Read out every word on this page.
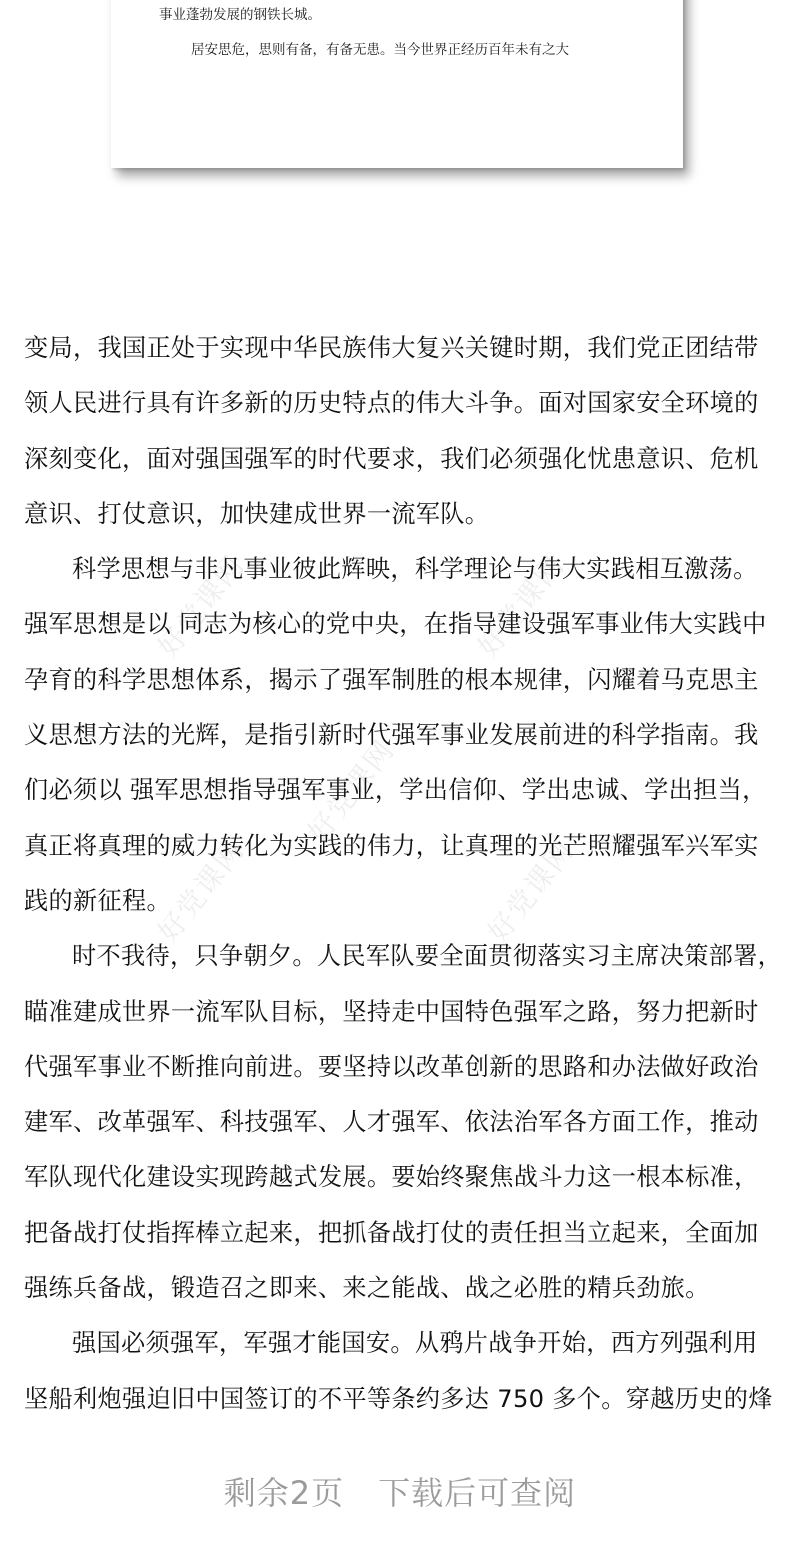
事业蓬勃发展的钢铁长城。
居安思危，思则有备，有备无患。当今世界正经历百年未有之大
好党课网	好党课网
好党课网
好党课网	好党课网
变局，我国正处于实现中华民族伟大复兴关键时期，我们党正团结带
领人民进行具有许多新的历史特点的伟大斗争。面对国家安全环境的
深刻变化，面对强国强军的时代要求，我们必须强化忧患意识、危机
意识、打仗意识，加快建成世界一流军队。
科学思想与非凡事业彼此辉映，科学理论与伟大实践相互激荡。
强军思想是以 同志为核心的党中央，在指导建设强军事业伟大实践中
孕育的科学思想体系，揭示了强军制胜的根本规律，闪耀着马克思主
义思想方法的光辉，是指引新时代强军事业发展前进的科学指南。我
们必须以 强军思想指导强军事业，学出信仰、学出忠诚、学出担当，
真正将真理的威力转化为实践的伟力，让真理的光芒照耀强军兴军实
践的新征程。
时不我待，只争朝夕。人民军队要全面贯彻落实习主席决策部署，
瞄准建成世界一流军队目标，坚持走中国特色强军之路，努力把新时
代强军事业不断推向前进。要坚持以改革创新的思路和办法做好政治
建军、改革强军、科技强军、人才强军、依法治军各方面工作，推动
军队现代化建设实现跨越式发展。要始终聚焦战斗力这一根本标准，
把备战打仗指挥棒立起来，把抓备战打仗的责任担当立起来，全面加
强练兵备战，锻造召之即来、来之能战、战之必胜的精兵劲旅。
强国必须强军，军强才能国安。从鸦片战争开始，西方列强利用
坚船利炮强迫旧中国签订的不平等条约多达 750 多个。穿越历史的烽
剩余2页 下载后可查阅
